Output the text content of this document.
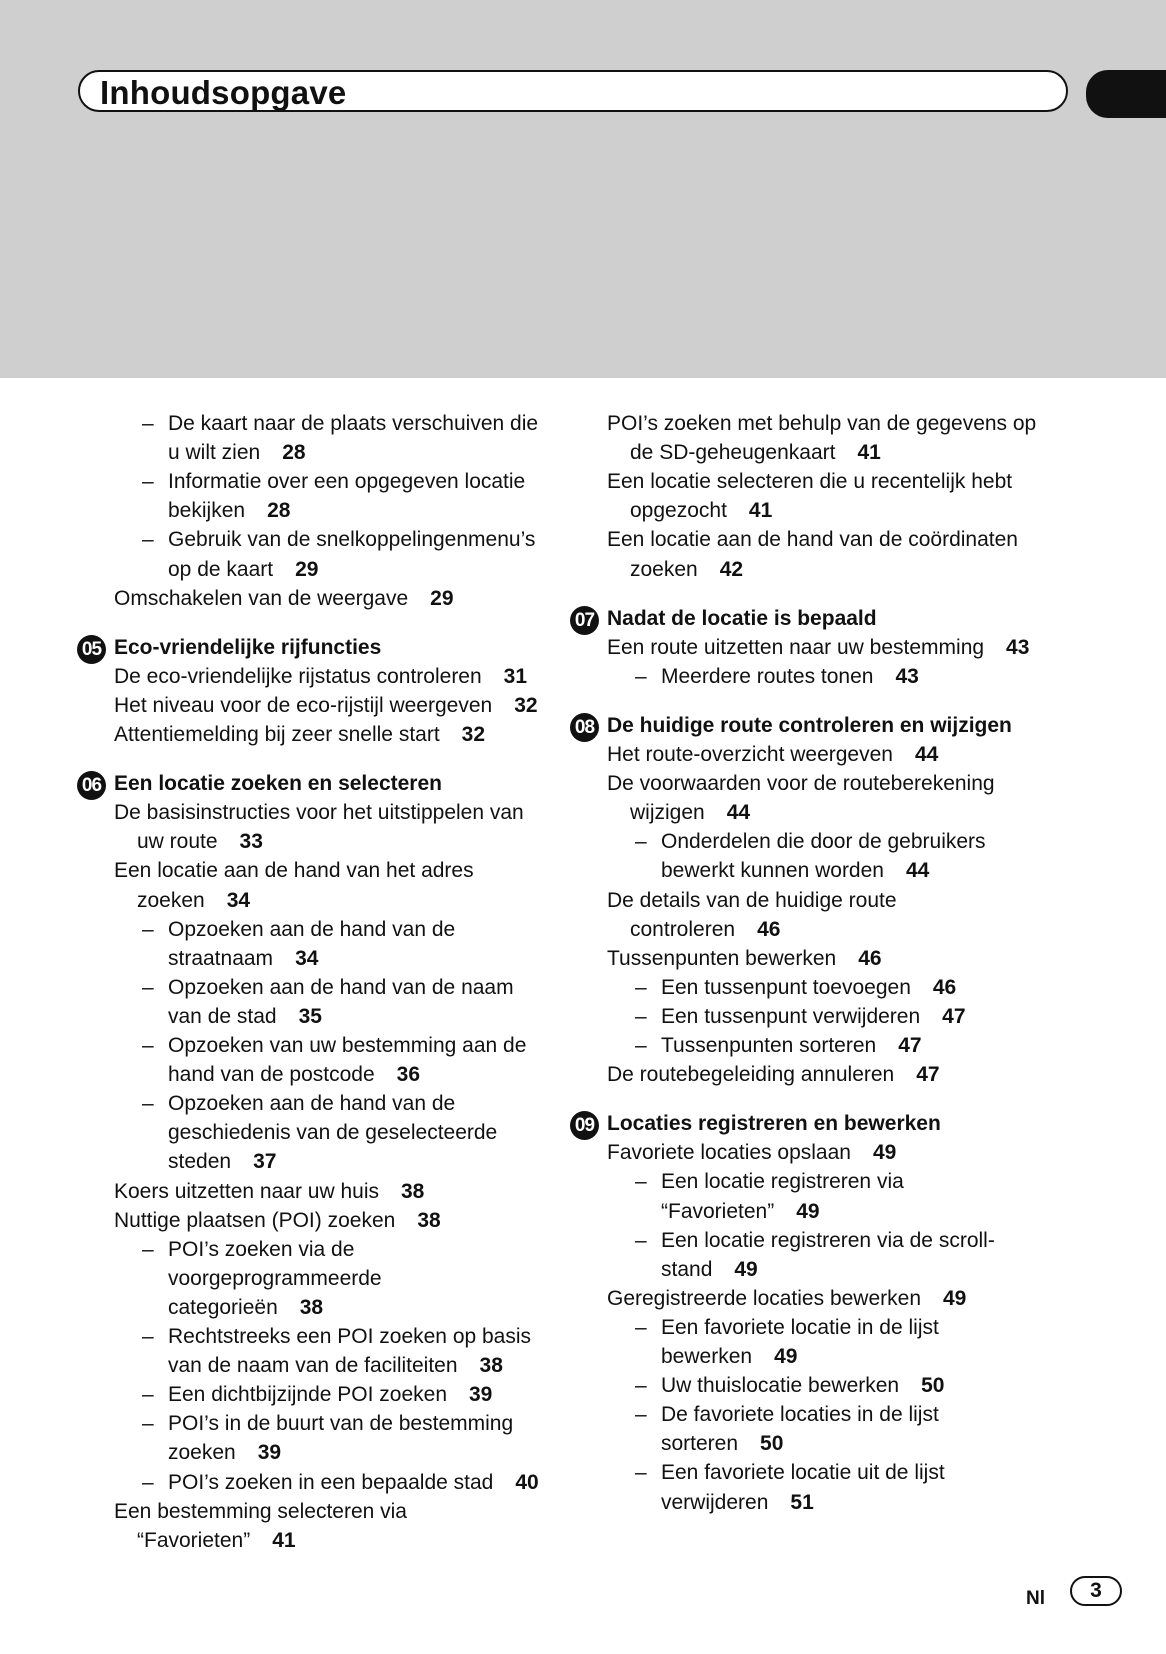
Inhoudsopgave
Nl	3
– De kaart naar de plaats verschuiven die
u wilt zien 28
– Informatie over een opgegeven locatie
bekijken 28
– Gebruik van de snelkoppelingenmenu’s
op de kaart 29
Omschakelen van de weergave 29
05 Eco-vriendelijke rijfuncties
De eco-vriendelijke rijstatus controleren 31
Het niveau voor de eco-rijstijl weergeven 32
Attentiemelding bij zeer snelle start 32
06 Een locatie zoeken en selecteren
De basisinstructies voor het uitstippelen van
uw route 33
Een locatie aan de hand van het adres
zoeken 34
– Opzoeken aan de hand van de
straatnaam 34
– Opzoeken aan de hand van de naam
van de stad 35
– Opzoeken van uw bestemming aan de
hand van de postcode 36
– Opzoeken aan de hand van de
geschiedenis van de geselecteerde
steden 37
Koers uitzetten naar uw huis 38
Nuttige plaatsen (POI) zoeken 38
– POI’s zoeken via de
voorgeprogrammeerde
categorieën 38
– Rechtstreeks een POI zoeken op basis
van de naam van de faciliteiten 38
– Een dichtbijzijnde POI zoeken 39
– POI’s in de buurt van de bestemming
zoeken 39
– POI’s zoeken in een bepaalde stad 40
Een bestemming selecteren via
“Favorieten” 41
POI’s zoeken met behulp van de gegevens op
de SD-geheugenkaart 41
Een locatie selecteren die u recentelijk hebt
opgezocht 41
Een locatie aan de hand van de coördinaten
zoeken 42
07 Nadat de locatie is bepaald
Een route uitzetten naar uw bestemming 43
– Meerdere routes tonen 43
08 De huidige route controleren en wijzigen
Het route-overzicht weergeven 44
De voorwaarden voor de routeberekening
wijzigen 44
– Onderdelen die door de gebruikers
bewerkt kunnen worden 44
De details van de huidige route
controleren 46
Tussenpunten bewerken 46
– Een tussenpunt toevoegen 46
– Een tussenpunt verwijderen 47
– Tussenpunten sorteren 47
De routebegeleiding annuleren 47
09 Locaties registreren en bewerken
Favoriete locaties opslaan 49
– Een locatie registreren via
“Favorieten” 49
– Een locatie registreren via de scroll-
stand 49
Geregistreerde locaties bewerken 49
– Een favoriete locatie in de lijst
bewerken 49
– Uw thuislocatie bewerken 50
– De favoriete locaties in de lijst
sorteren 50
– Een favoriete locatie uit de lijst
verwijderen 51
